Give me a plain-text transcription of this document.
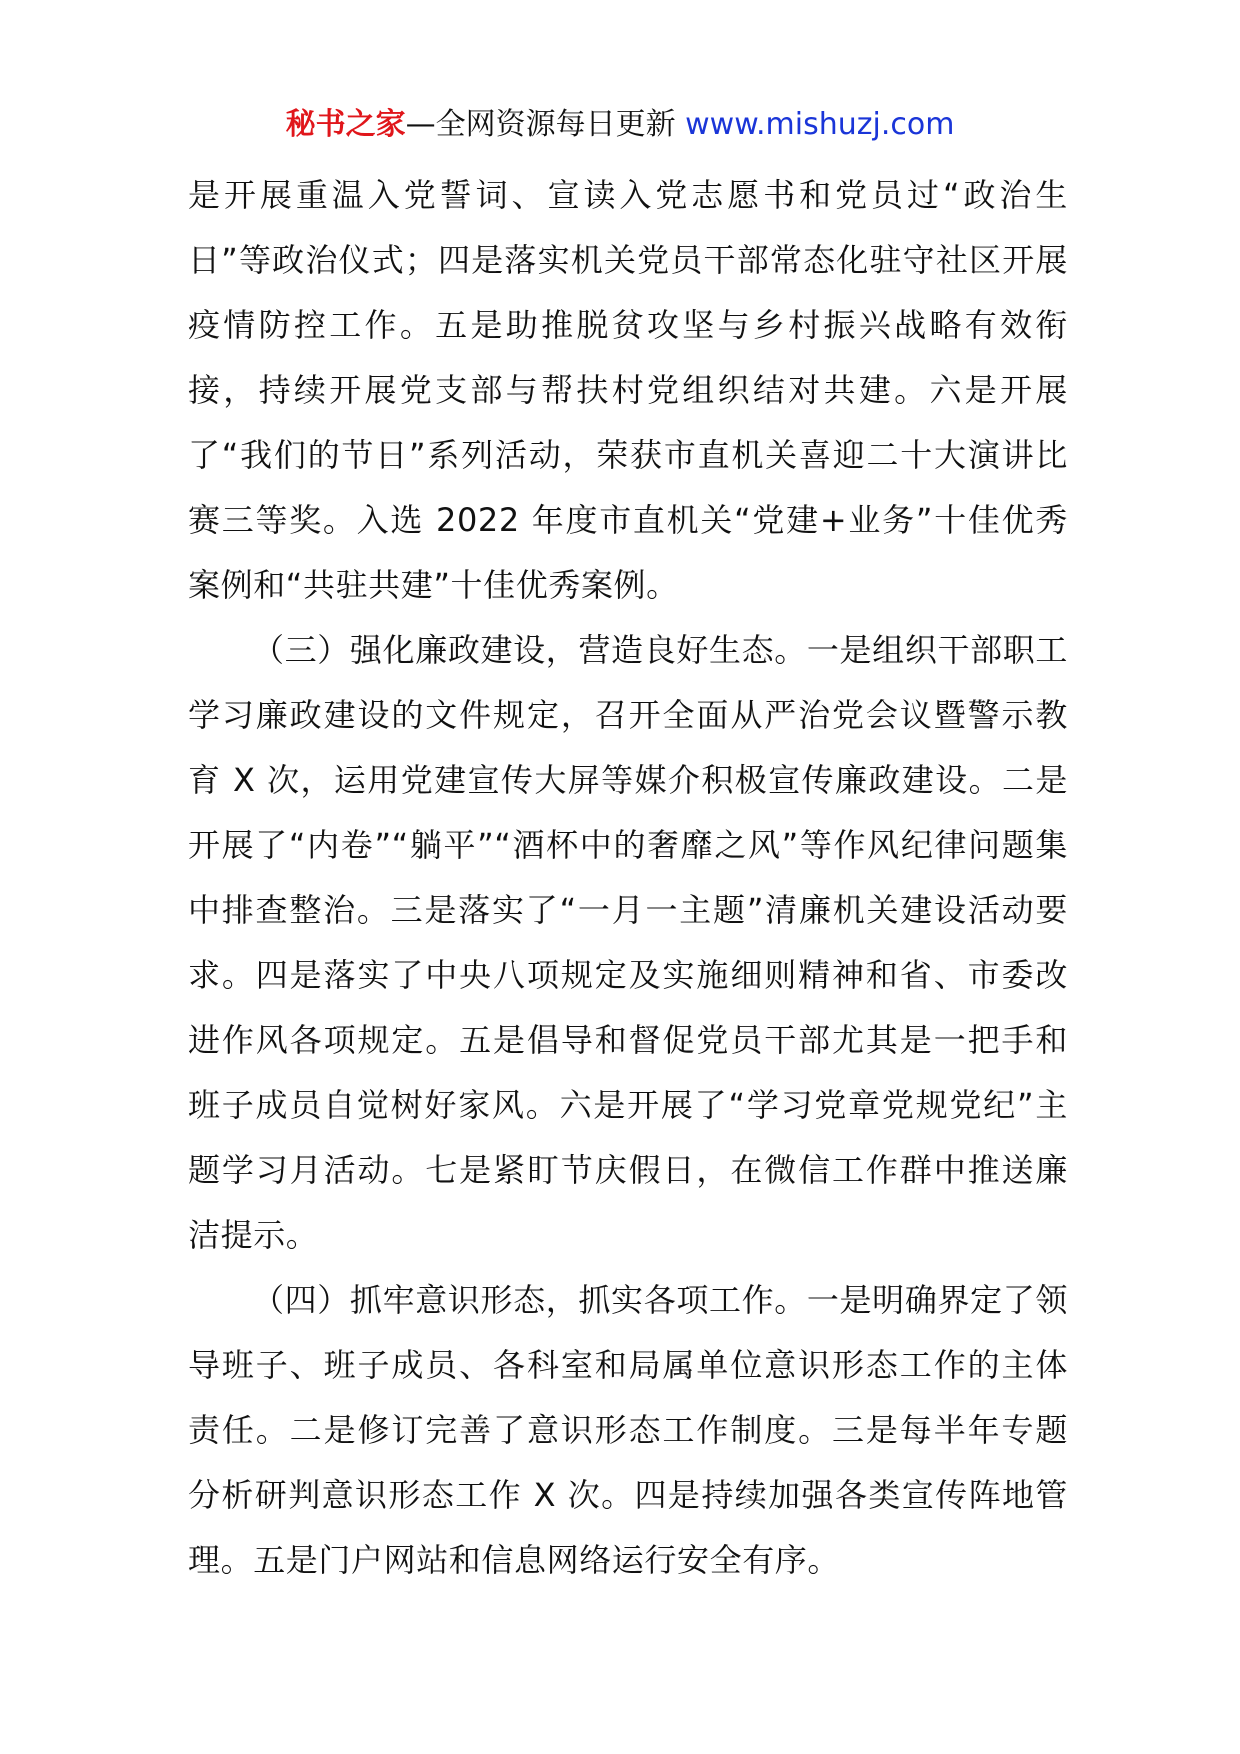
秘书之家—全网资源每日更新 www.mishuzj.com

是开展重温入党誓词、宣读入党志愿书和党员过“政治生日”等政治仪式；四是落实机关党员干部常态化驻守社区开展疫情防控工作。五是助推脱贫攻坚与乡村振兴战略有效衔接，持续开展党支部与帮扶村党组织结对共建。六是开展了“我们的节日”系列活动，荣获市直机关喜迎二十大演讲比赛三等奖。入选 2022 年度市直机关“党建+业务”十佳优秀案例和“共驻共建”十佳优秀案例。

（三）强化廉政建设，营造良好生态。一是组织干部职工学习廉政建设的文件规定，召开全面从严治党会议暨警示教育 X 次，运用党建宣传大屏等媒介积极宣传廉政建设。二是开展了“内卷”“躺平”“酒杯中的奢靡之风”等作风纪律问题集中排查整治。三是落实了“一月一主题”清廉机关建设活动要求。四是落实了中央八项规定及实施细则精神和省、市委改进作风各项规定。五是倡导和督促党员干部尤其是一把手和班子成员自觉树好家风。六是开展了“学习党章党规党纪”主题学习月活动。七是紧盯节庆假日，在微信工作群中推送廉洁提示。

（四）抓牢意识形态，抓实各项工作。一是明确界定了领导班子、班子成员、各科室和局属单位意识形态工作的主体责任。二是修订完善了意识形态工作制度。三是每半年专题分析研判意识形态工作 X 次。四是持续加强各类宣传阵地管理。五是门户网站和信息网络运行安全有序。
